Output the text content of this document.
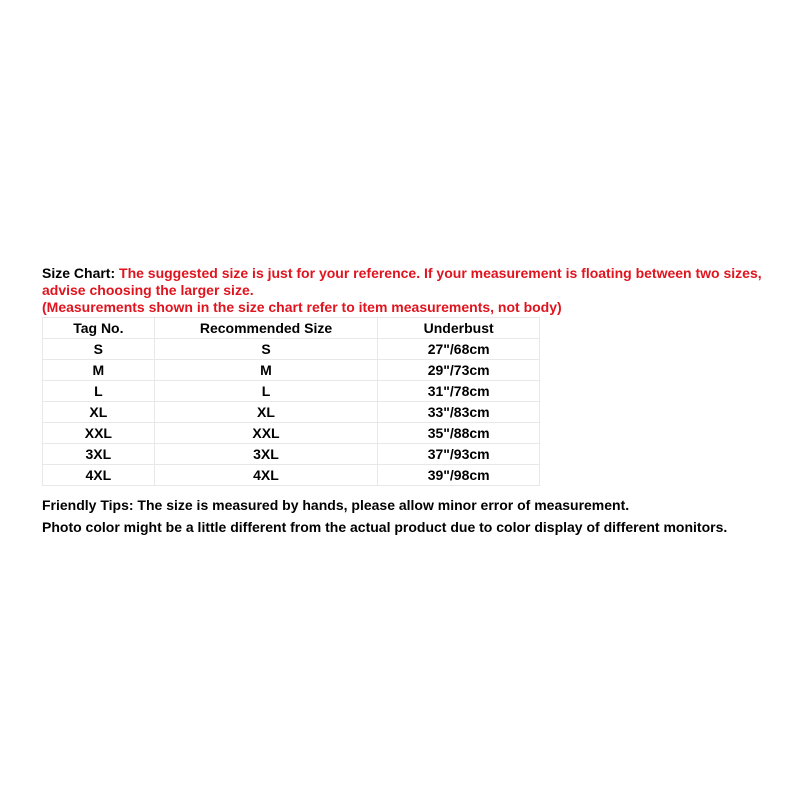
Size Chart: The suggested size is just for your reference. If your measurement is floating between two sizes, advise choosing the larger size.
(Measurements shown in the size chart refer to item measurements, not body)
Tag No.	Recommended Size	Underbust
S	S	27"/68cm
M	M	29"/73cm
L	L	31"/78cm
XL	XL	33"/83cm
XXL	XXL	35"/88cm
3XL	3XL	37"/93cm
4XL	4XL	39"/98cm
Friendly Tips: The size is measured by hands, please allow minor error of measurement.
Photo color might be a little different from the actual product due to color display of different monitors.
